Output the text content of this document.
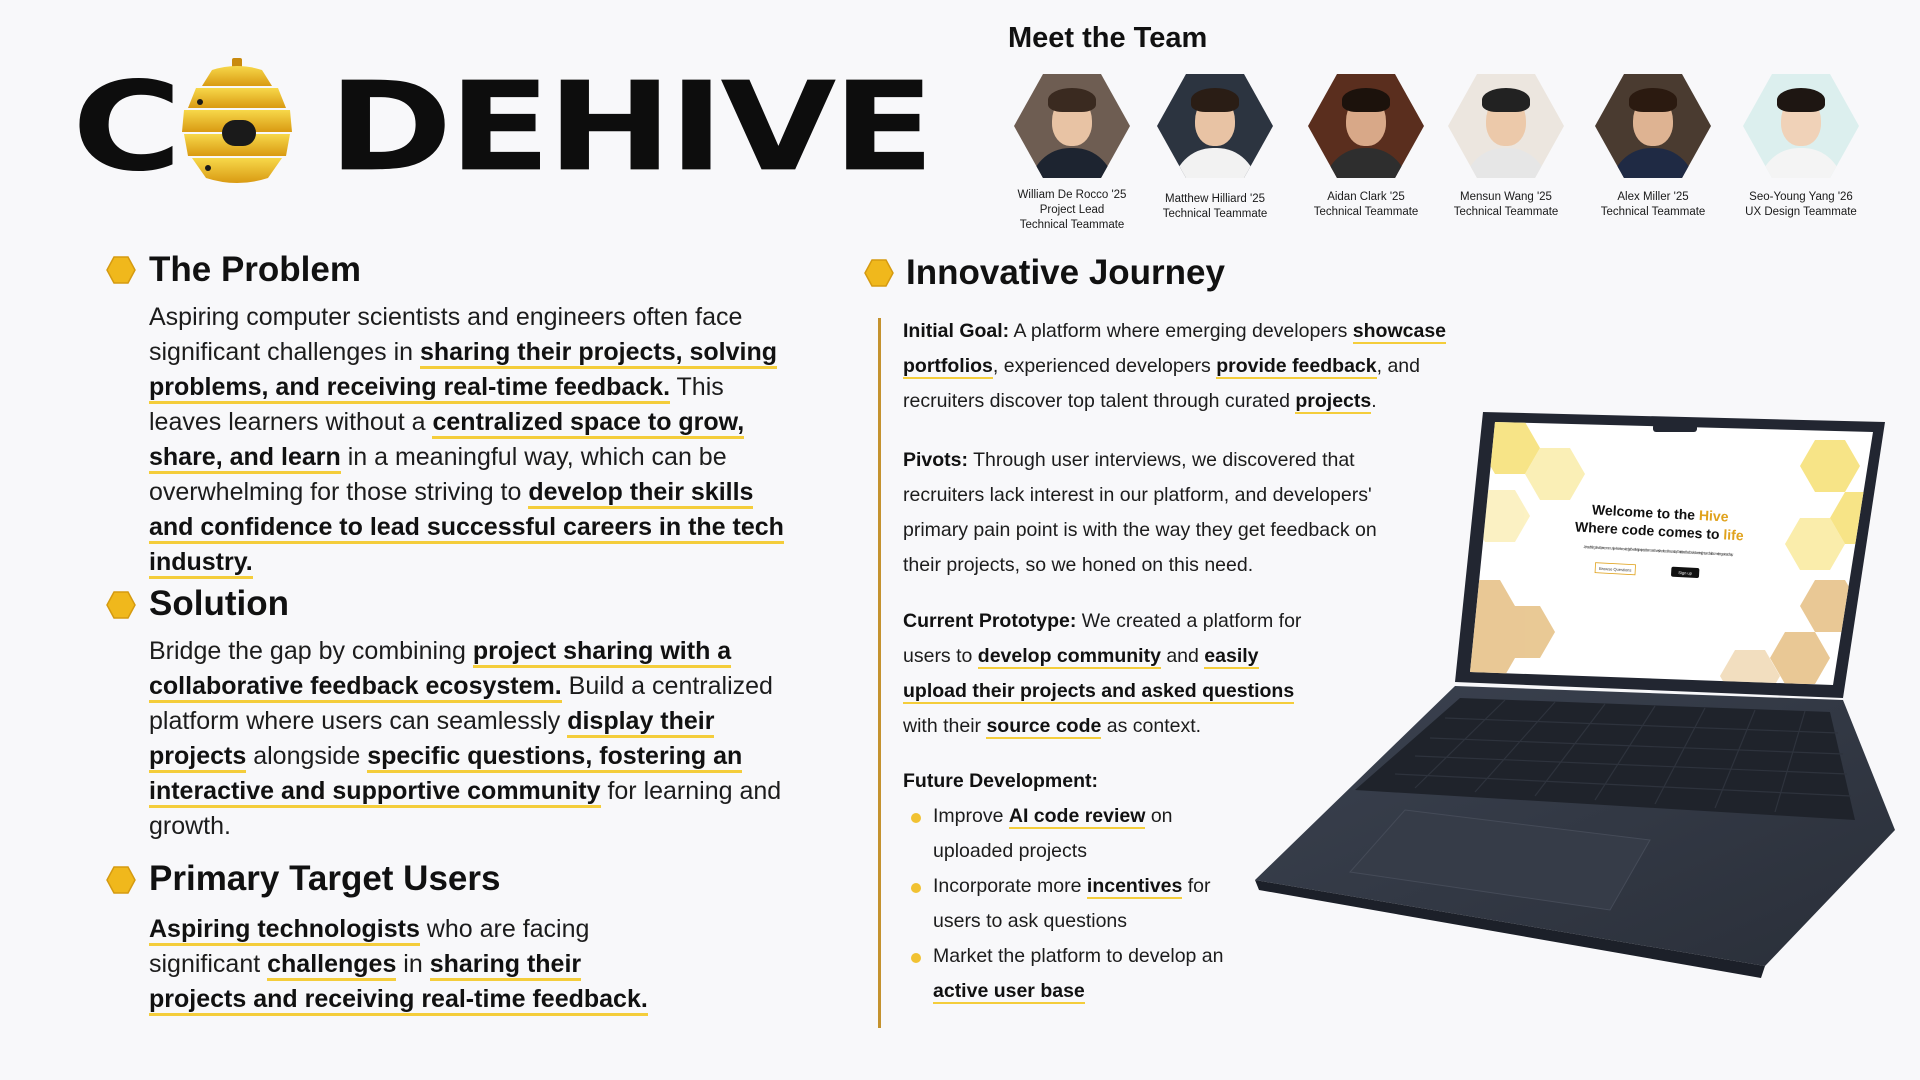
C DEHIVE
Meet the Team
William De Rocco '25
Project Lead
Technical Teammate
Matthew Hilliard '25
Technical Teammate
Aidan Clark '25
Technical Teammate
Mensun Wang '25
Technical Teammate
Alex Miller '25
Technical Teammate
Seo-Young Yang '26
UX Design Teammate
The Problem

Aspiring computer scientists and engineers often face significant challenges in sharing their projects, solving problems, and receiving real-time feedback. This leaves learners without a centralized space to grow, share, and learn in a meaningful way, which can be overwhelming for those striving to develop their skills and confidence to lead successful careers in the tech industry.

Solution

Bridge the gap by combining project sharing with a collaborative feedback ecosystem. Build a centralized platform where users can seamlessly display their projects alongside specific questions, fostering an interactive and supportive community for learning and growth.

Primary Target Users

Aspiring technologists who are facing significant challenges in sharing their projects and receiving real-time feedback.

Innovative Journey

Initial Goal: A platform where emerging developers showcase portfolios, experienced developers provide feedback, and recruiters discover top talent through curated projects.

Pivots: Through user interviews, we discovered that recruiters lack interest in our platform, and developers' primary pain point is with the way they get feedback on their projects, so we honed on this need.

Current Prototype: We created a platform for users to develop community and easily upload their projects and asked questions with their source code as context.

Future Development:
Improve AI code review on uploaded projects
Incorporate more incentives for users to ask questions
Market the platform to develop an active user base
Welcome to the Hive
Where code comes to life
Join our thriving developer community where knowledge flows freely, projects bloom, and every line of code has a story. Get tailored feedback, share insights, and build something extraordinary.
Browse Questions
Sign up
